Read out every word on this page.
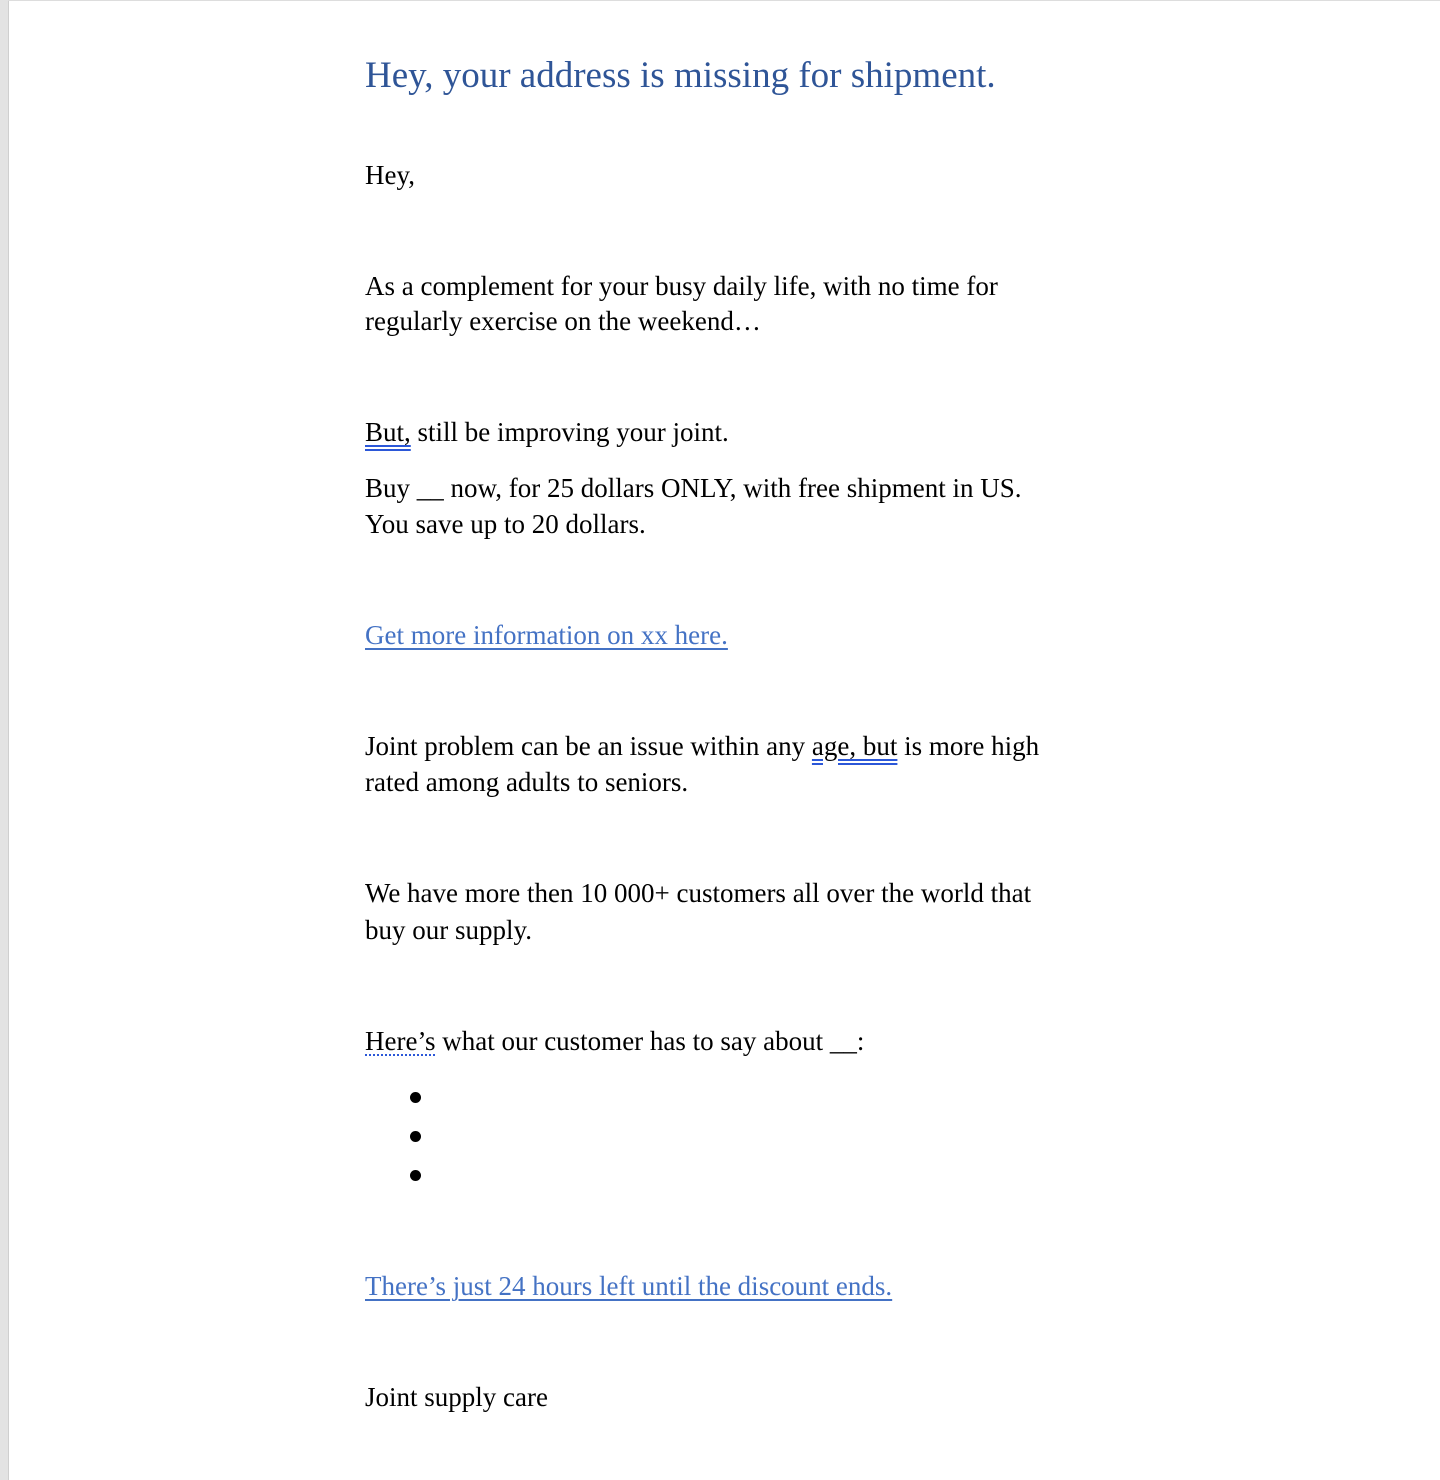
Hey, your address is missing for shipment.

Hey,

As a complement for your busy daily life, with no time for

regularly exercise on the weekend…

But, still be improving your joint.

Buy __ now, for 25 dollars ONLY, with free shipment in US.

You save up to 20 dollars.

Get more information on xx here.

Joint problem can be an issue within any age, but is more high

rated among adults to seniors.

We have more then 10 000+ customers all over the world that

buy our supply.

Here’s what our customer has to say about __:

There’s just 24 hours left until the discount ends.

Joint supply care
